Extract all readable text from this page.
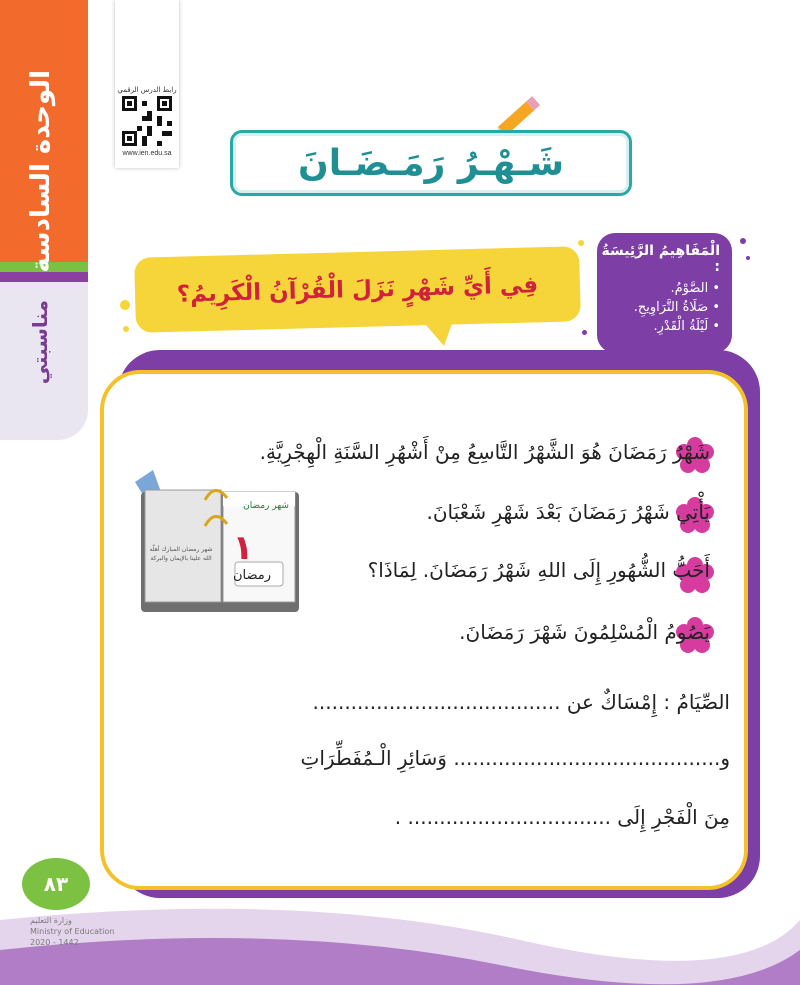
الوحدة السادسة
مناسبتي
رابط الدرس الرقمي
www.ien.edu.sa	شَـهْـرُ رَمَـضَـانَ
الْمَفَاهِيمُ الرَّئِيسَةُ :
• الصَّوْمُ.
• صَلَاةُ التَّرَاوِيحِ.
• لَيْلَةُ الْقَدْرِ.
فِي أَيِّ شَهْرٍ نَزَلَ الْقُرْآنُ الْكَرِيمُ؟
شَهْرُ رَمَضَانَ هُوَ الشَّهْرُ التَّاسِعُ مِنْ أَشْهُرِ السَّنَةِ الْهِجْرِيَّةِ.
يَأْتِي شَهْرُ رَمَضَانَ بَعْدَ شَهْرِ شَعْبَانَ.
أَحَبُّ الشُّهُورِ إِلَى اللهِ شَهْرُ رَمَضَانَ. لِمَاذَا؟
يَصُومُ الْمُسْلِمُونَ شَهْرَ رَمَضَانَ.
الصِّيَامُ : إِمْسَاكٌ عن .......................................
و.......................................... وَسَائِرِ الْـمُفَطِّرَاتِ
مِنَ الْفَجْرِ إِلَى ................................ .
شهر رمضان
١
رمضان
شهر رمضان المبارك أهلّه الله علينا بالإيمان والبركة
٨٣
وزارة التعليم
Ministry of Education
2020 - 1442
